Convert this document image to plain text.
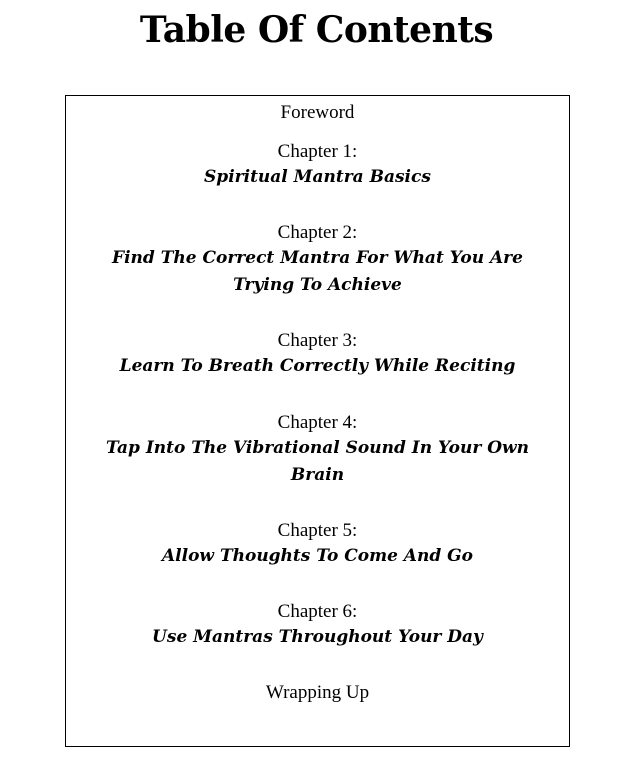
Table Of Contents
Foreword
Chapter 1:
Spiritual Mantra Basics
Chapter 2:
Find The Correct Mantra For What You Are Trying To Achieve
Chapter 3:
Learn To Breath Correctly While Reciting
Chapter 4:
Tap Into The Vibrational Sound In Your Own Brain
Chapter 5:
Allow Thoughts To Come And Go
Chapter 6:
Use Mantras Throughout Your Day
Wrapping Up
